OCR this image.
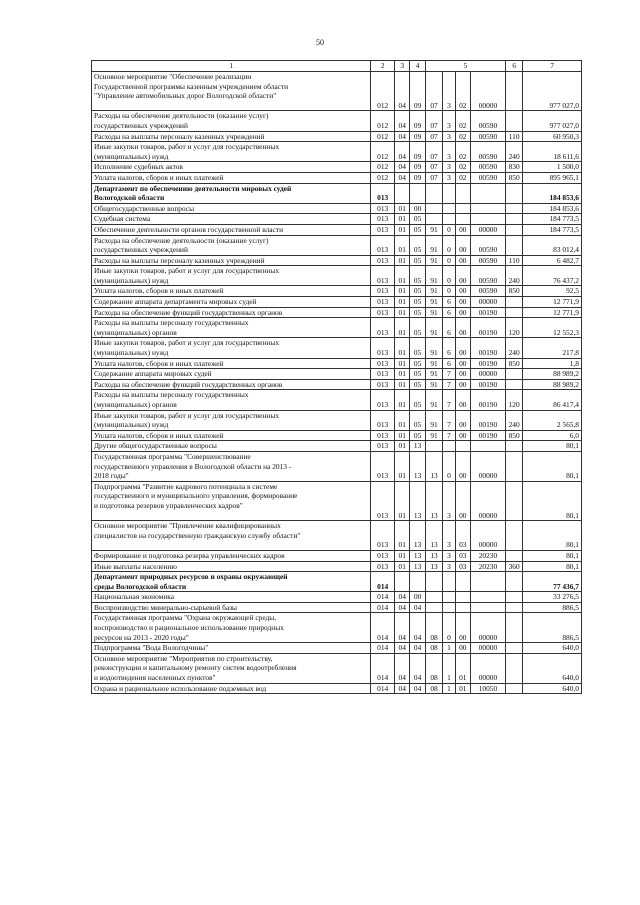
50
1	2	3	4	5				6	7
Основное мероприятие "Обеспечение реализации
Государственной программы казенным учреждением области
"Управление автомобильных дорог Вологодской области"	012	04	09	07	3	02	00000		977 027,0
Расходы на обеспечение деятельности (оказание услуг)
государственных учреждений	012	04	09	07	3	02	00590		977 027,0
Расходы на выплаты персоналу казенных учреждений	012	04	09	07	3	02	00590	110	60 950,3
Иные закупки товаров, работ и услуг для государственных
(муниципальных) нужд	012	04	09	07	3	02	00590	240	18 611,6
Исполнение судебных актов	012	04	09	07	3	02	00590	830	1 500,0
Уплата налогов, сборов и иных платежей	012	04	09	07	3	02	00590	850	895 965,1
Департамент по обеспечению деятельности мировых судей
Вологодской области	013								184 853,6
Общегосударственные вопросы	013	01	00						184 853,6
Судебная система	013	01	05						184 773,5
Обеспечение деятельности органов государственной власти	013	01	05	91	0	00	00000		184 773,5
Расходы на обеспечение деятельности (оказание услуг)
государственных учреждений	013	01	05	91	0	00	00590		83 012,4
Расходы на выплаты персоналу казенных учреждений	013	01	05	91	0	00	00590	110	6 482,7
Иные закупки товаров, работ и услуг для государственных
(муниципальных) нужд	013	01	05	91	0	00	00590	240	76 437,2
Уплата налогов, сборов и иных платежей	013	01	05	91	0	00	00590	850	92,5
Содержание аппарата департамента мировых судей	013	01	05	91	6	00	00000		12 771,9
Расходы на обеспечение функций государственных органов	013	01	05	91	6	00	00190		12 771,9
Расходы на выплаты персоналу государственных
(муниципальных) органов	013	01	05	91	6	00	00190	120	12 552,3
Иные закупки товаров, работ и услуг для государственных
(муниципальных) нужд	013	01	05	91	6	00	00190	240	217,8
Уплата налогов, сборов и иных платежей	013	01	05	91	6	00	00190	850	1,8
Содержание аппарата мировых судей	013	01	05	91	7	00	00000		88 989,2
Расходы на обеспечение функций государственных органов	013	01	05	91	7	00	00190		88 989,2
Расходы на выплаты персоналу государственных
(муниципальных) органов	013	01	05	91	7	00	00190	120	86 417,4
Иные закупки товаров, работ и услуг для государственных
(муниципальных) нужд	013	01	05	91	7	00	00190	240	2 565,8
Уплата налогов, сборов и иных платежей	013	01	05	91	7	00	00190	850	6,0
Другие общегосударственные вопросы	013	01	13						80,1
Государственная программа "Совершенствование
государственного управления в Вологодской области на 2013 -
2018 годы"	013	01	13	13	0	00	00000		80,1
Подпрограмма "Развитие кадрового потенциала в системе
государственного и муниципального управления, формирование
и подготовка резервов управленческих кадров"	013	01	13	13	3	00	00000		80,1
Основное мероприятие "Привлечение квалифицированных
специалистов на государственную гражданскую службу области"	013	01	13	13	3	03	00000		80,1
Формирование и подготовка резерва управленческих кадров	013	01	13	13	3	03	20230		80,1
Иные выплаты населению	013	01	13	13	3	03	20230	360	80,1
Департамент природных ресурсов и охраны окружающей
среды Вологодской области	014								77 436,7
Национальная экономика	014	04	00						33 276,5
Воспроизводство минерально-сырьевой базы	014	04	04						886,5
Государственная программа "Охрана окружающей среды,
воспроизводство и рациональное использование природных
ресурсов на 2013 - 2020 годы"	014	04	04	08	0	00	00000		886,5
Подпрограмма "Вода Вологодчины"	014	04	04	08	1	00	00000		640,0
Основное мероприятие "Мероприятия по строительству,
реконструкции и капитальному ремонту систем водоотребления
и водоотведения населенных пунктов"	014	04	04	08	1	01	00000		640,0
Охрана и рациональное использование подземных вод	014	04	04	08	1	01	10050		640,0
